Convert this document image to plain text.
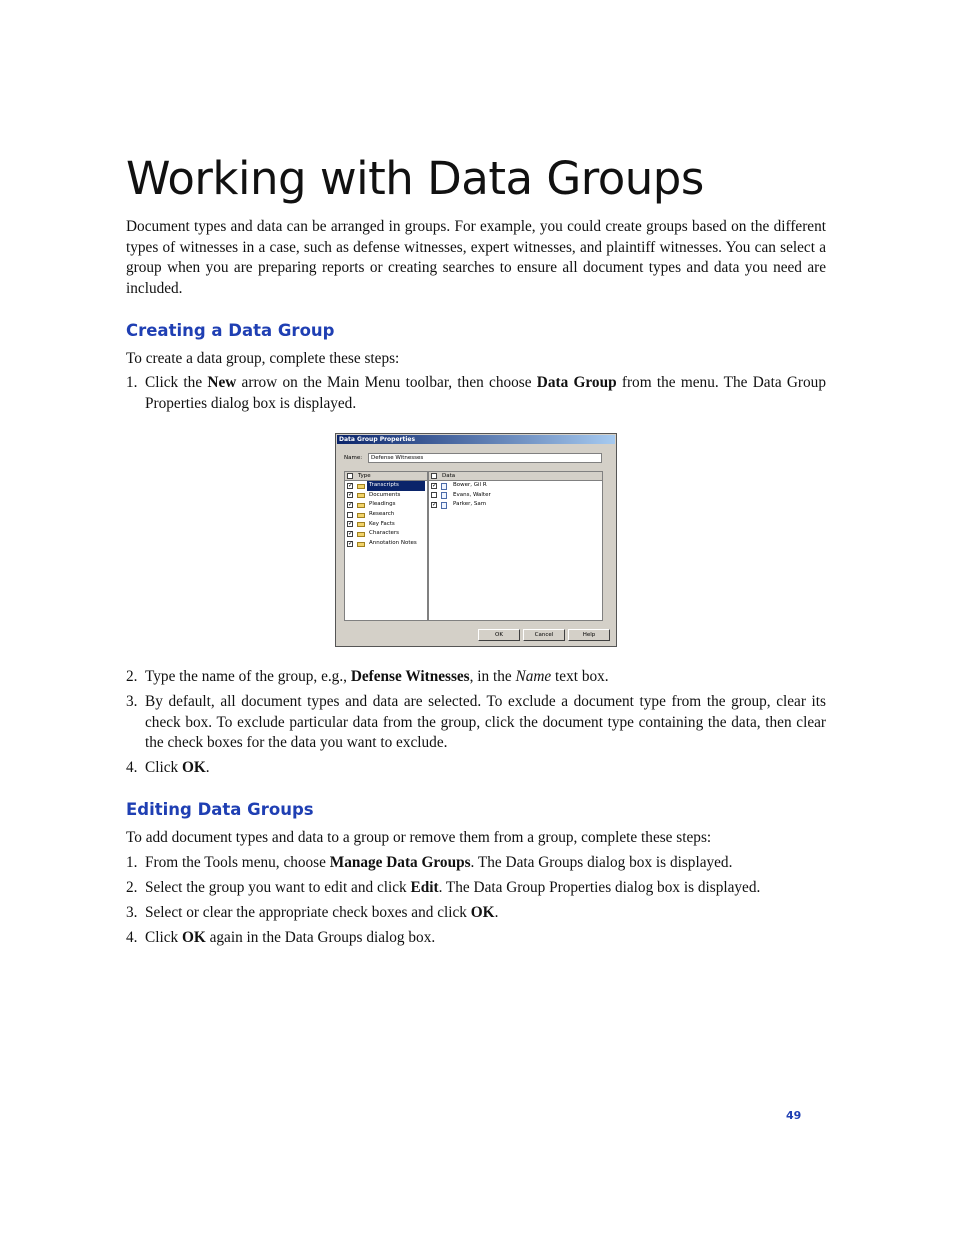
Working with Data Groups

Document types and data can be arranged in groups. For example, you could create groups based on the different types of witnesses in a case, such as defense witnesses, expert witnesses, and plaintiff witnesses. You can select a group when you are preparing reports or creating searches to ensure all document types and data you need are included.

Creating a Data Group

To create a data group, complete these steps:

1. Click the New arrow on the Main Menu toolbar, then choose Data Group from the menu. The Data Group Properties dialog box is displayed.
Data Group Properties
Name:	Defense Witnesses
Type
✓	Transcripts
✓	Documents
✓	Pleadings
Research
✓	Key Facts
✓	Characters
✓	Annotation Notes
Data
✓	Bower, Gil R
Evans, Walter
✓	Parker, Sam
OK	Cancel	Help
2. Type the name of the group, e.g., Defense Witnesses, in the Name text box.
3. By default, all document types and data are selected. To exclude a document type from the group, clear its check box. To exclude particular data from the group, click the document type containing the data, then clear the check boxes for the data you want to exclude.
4. Click OK.
Editing Data Groups

To add document types and data to a group or remove them from a group, complete these steps:

1. From the Tools menu, choose Manage Data Groups. The Data Groups dialog box is displayed.
2. Select the group you want to edit and click Edit. The Data Group Properties dialog box is displayed.
3. Select or clear the appropriate check boxes and click OK.
4. Click OK again in the Data Groups dialog box.
49
